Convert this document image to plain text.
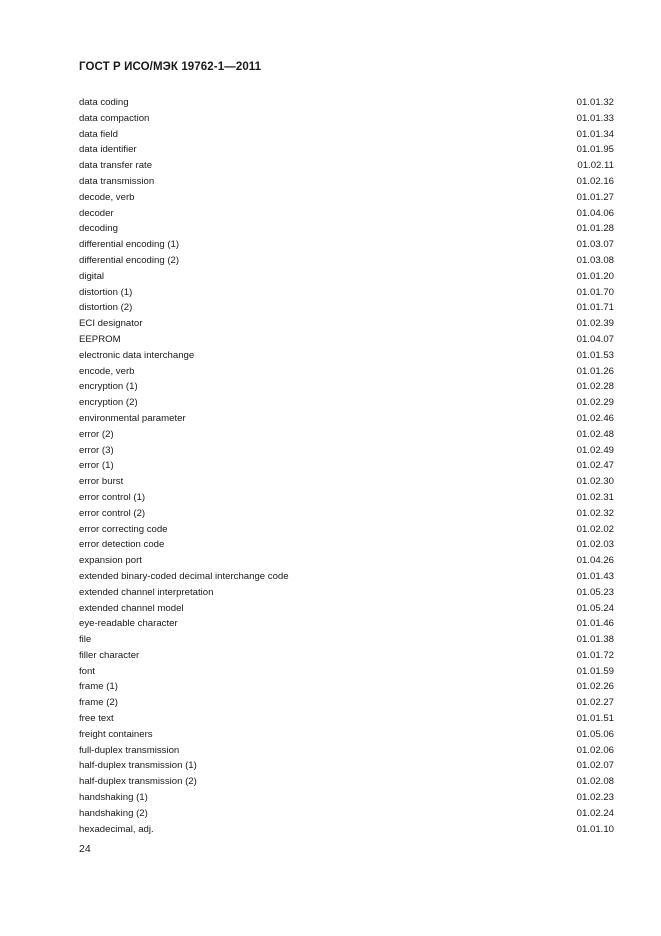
ГОСТ Р ИСО/МЭК 19762-1—2011
data coding	01.01.32
data compaction	01.01.33
data field	01.01.34
data identifier	01.01.95
data transfer rate	01.02.11
data transmission	01.02.16
decode, verb	01.01.27
decoder	01.04.06
decoding	01.01.28
differential encoding (1)	01.03.07
differential encoding (2)	01.03.08
digital	01.01.20
distortion (1)	01.01.70
distortion (2)	01.01.71
ECI designator	01.02.39
EEPROM	01.04.07
electronic data interchange	01.01.53
encode, verb	01.01.26
encryption (1)	01.02.28
encryption (2)	01.02.29
environmental parameter	01.02.46
error (2)	01.02.48
error (3)	01.02.49
error (1)	01.02.47
error burst	01.02.30
error control (1)	01.02.31
error control (2)	01.02.32
error correcting code	01.02.02
error detection code	01.02.03
expansion port	01.04.26
extended binary-coded decimal interchange code	01.01.43
extended channel interpretation	01.05.23
extended channel model	01.05.24
eye-readable character	01.01.46
file	01.01.38
filler character	01.01.72
font	01.01.59
frame (1)	01.02.26
frame (2)	01.02.27
free text	01.01.51
freight containers	01.05.06
full-duplex transmission	01.02.06
half-duplex transmission (1)	01.02.07
half-duplex transmission (2)	01.02.08
handshaking (1)	01.02.23
handshaking (2)	01.02.24
hexadecimal, adj.	01.01.10
24
